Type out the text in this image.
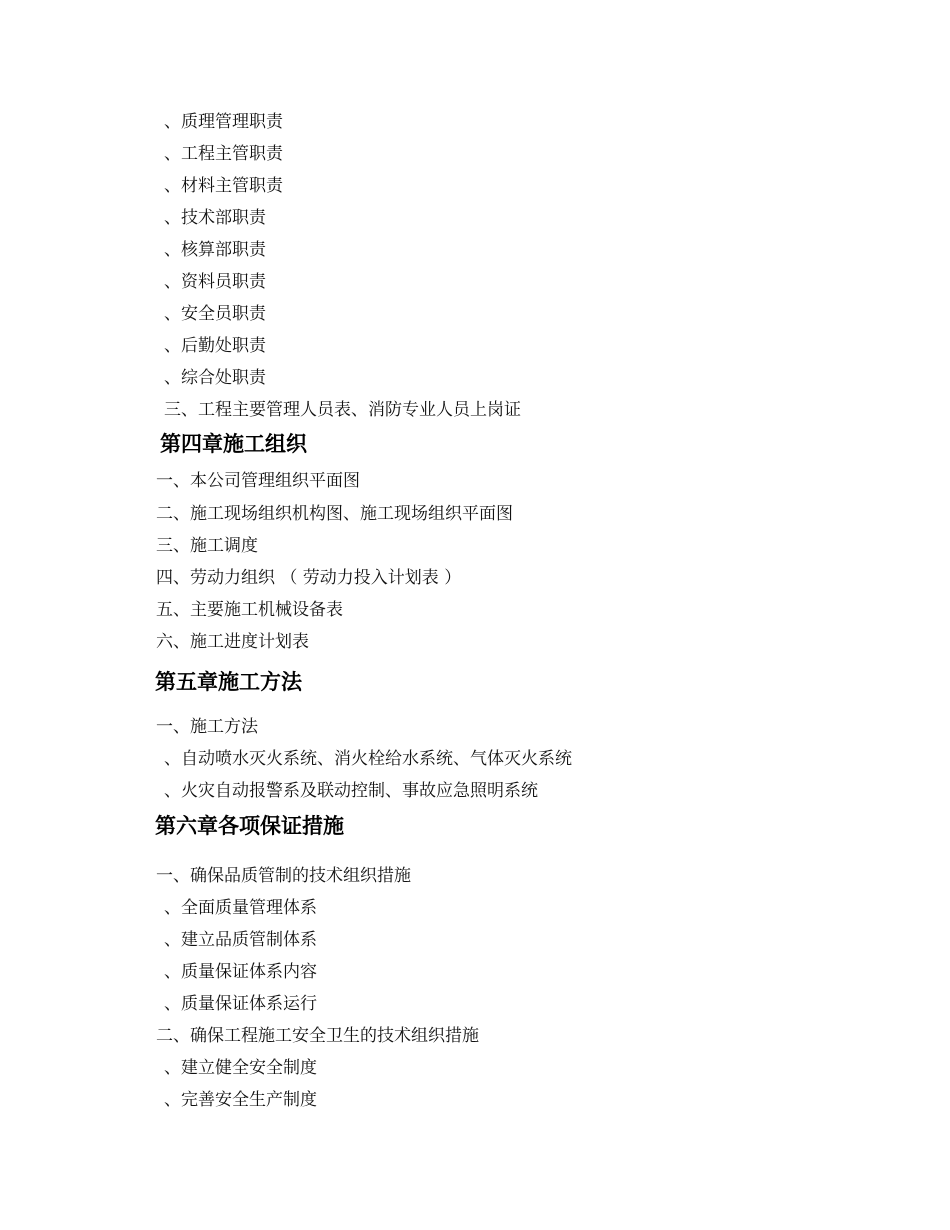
、质理管理职责
、工程主管职责
、材料主管职责
、技术部职责
、核算部职责
、资料员职责
、安全员职责
、后勤处职责
、综合处职责
三、工程主要管理人员表、消防专业人员上岗证
第四章施工组织
一、本公司管理组织平面图
二、施工现场组织机构图、施工现场组织平面图
三、施工调度
四、劳动力组织 （ 劳动力投入计划表 ）
五、主要施工机械设备表
六、施工进度计划表
第五章施工方法
一、施工方法
、自动喷水灭火系统、消火栓给水系统、气体灭火系统
、火灾自动报警系及联动控制、事故应急照明系统
第六章各项保证措施
一、确保品质管制的技术组织措施
、全面质量管理体系
、建立品质管制体系
、质量保证体系内容
、质量保证体系运行
二、确保工程施工安全卫生的技术组织措施
、建立健全安全制度
、完善安全生产制度
